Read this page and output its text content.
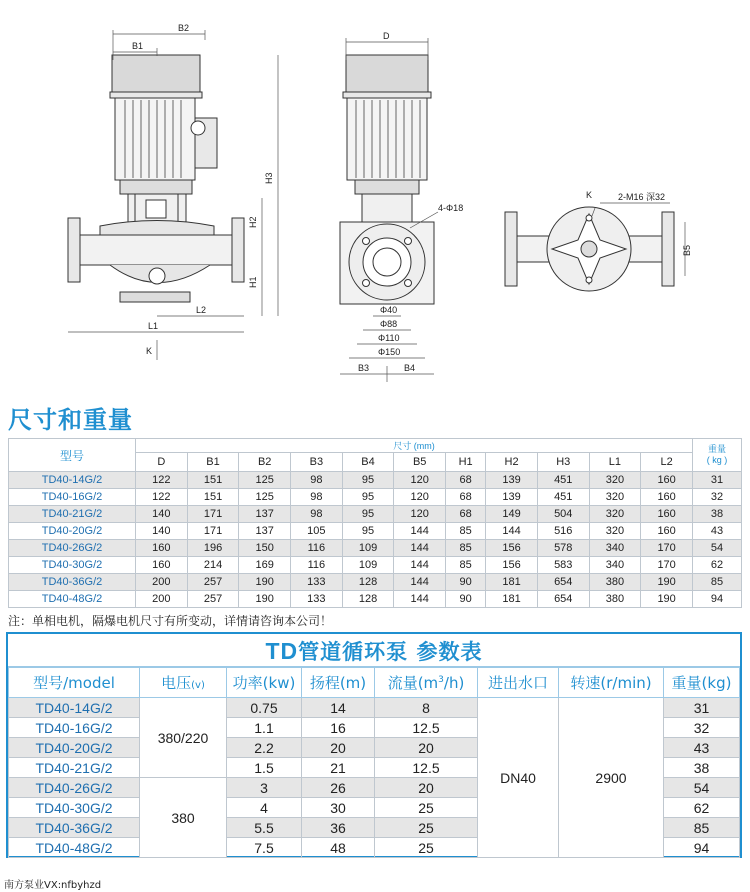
B1
B2
H3
H2
H1
L2
L1
K
D
4-Φ18
Φ40
Φ88
Φ110
Φ150
B3	B4
K	2-M16 深32
B5
尺寸和重量
型号	尺寸 (mm)											重量
( kg )
	D	B1	B2	B3	B4	B5	H1	H2	H3	L1	L2	
TD40-14G/2	122	151	125	98	95	120	68	139	451	320	160	31
TD40-16G/2	122	151	125	98	95	120	68	139	451	320	160	32
TD40-21G/2	140	171	137	98	95	120	68	149	504	320	160	38
TD40-20G/2	140	171	137	105	95	144	85	144	516	320	160	43
TD40-26G/2	160	196	150	116	109	144	85	156	578	340	170	54
TD40-30G/2	160	214	169	116	109	144	85	156	583	340	170	62
TD40-36G/2	200	257	190	133	128	144	90	181	654	380	190	85
TD40-48G/2	200	257	190	133	128	144	90	181	654	380	190	94
注：单相电机，隔爆电机尺寸有所变动，详情请咨询本公司！
TD管道循环泵 参数表
型号/model	电压(v)	功率(kw)	扬程(m)	流量$(m^3/h)$	进出水口	转速(r/min)	重量(kg)
TD40-14G/2	380/220	0.75	14	8	DN40	2900	31
TD40-16G/2		1.1	16	12.5			32
TD40-20G/2		2.2	20	20			43
TD40-21G/2		1.5	21	12.5			38
TD40-26G/2	380	3	26	20			54
TD40-30G/2		4	30	25			62
TD40-36G/2		5.5	36	25			85
TD40-48G/2		7.5	48	25			94
南方泵业VX:nfbyhzd
